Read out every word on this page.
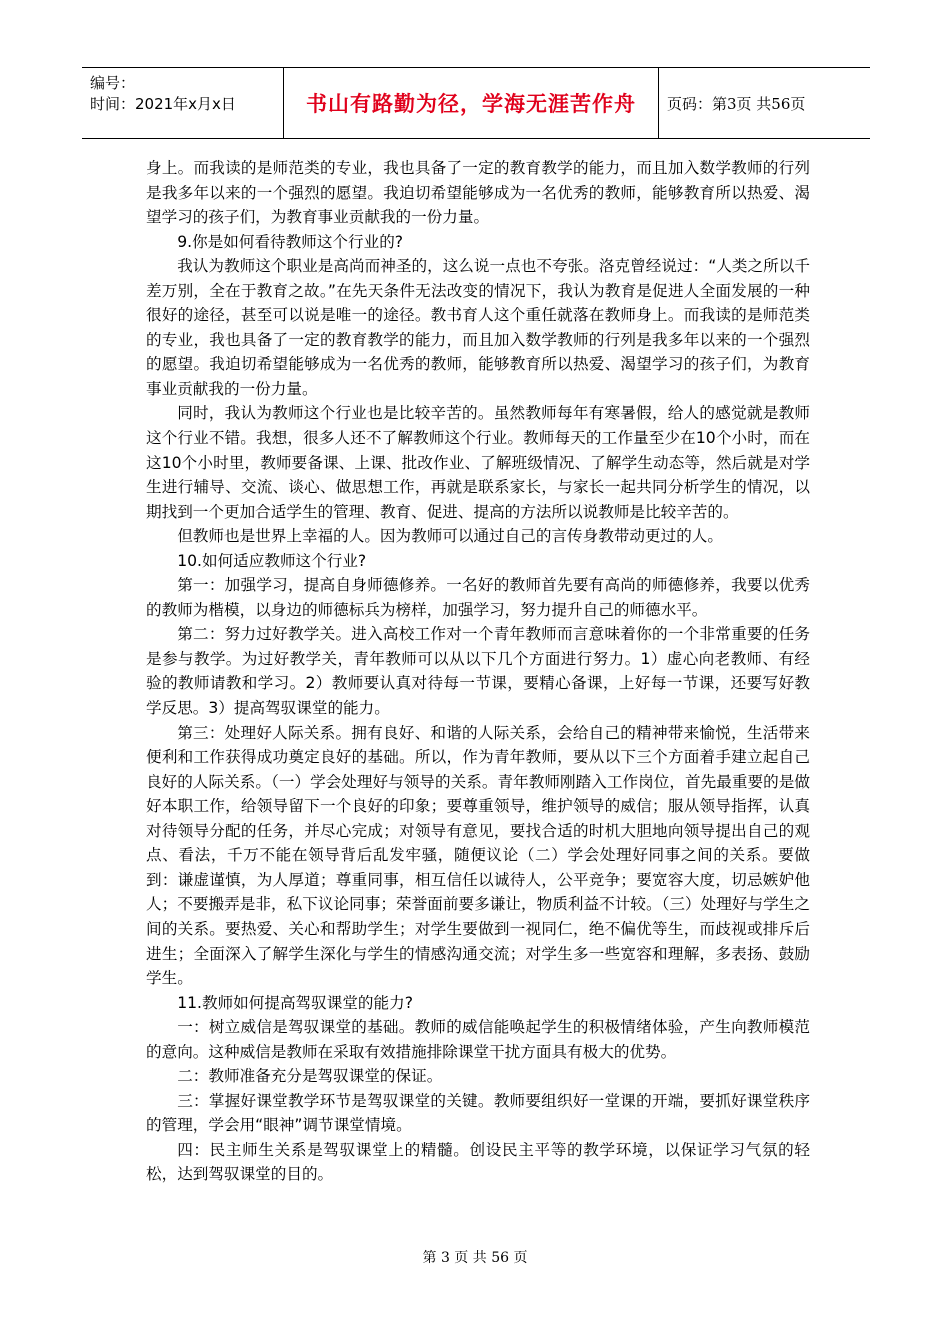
编号：
时间：2021年x月x日	书山有路勤为径，学海无涯苦作舟	页码：第3页 共56页

身上。而我读的是师范类的专业，我也具备了一定的教育教学的能力，而且加入数学教师的行列是我多年以来的一个强烈的愿望。我迫切希望能够成为一名优秀的教师，能够教育所以热爱、渴望学习的孩子们，为教育事业贡献我的一份力量。

9.你是如何看待教师这个行业的?

我认为教师这个职业是高尚而神圣的，这么说一点也不夸张。洛克曾经说过：“人类之所以千差万别，全在于教育之故。”在先天条件无法改变的情况下，我认为教育是促进人全面发展的一种很好的途径，甚至可以说是唯一的途径。教书育人这个重任就落在教师身上。而我读的是师范类的专业，我也具备了一定的教育教学的能力，而且加入数学教师的行列是我多年以来的一个强烈的愿望。我迫切希望能够成为一名优秀的教师，能够教育所以热爱、渴望学习的孩子们，为教育事业贡献我的一份力量。

同时，我认为教师这个行业也是比较辛苦的。虽然教师每年有寒暑假，给人的感觉就是教师这个行业不错。我想，很多人还不了解教师这个行业。教师每天的工作量至少在10个小时，而在这10个小时里，教师要备课、上课、批改作业、了解班级情况、了解学生动态等，然后就是对学生进行辅导、交流、谈心、做思想工作，再就是联系家长，与家长一起共同分析学生的情况，以期找到一个更加合适学生的管理、教育、促进、提高的方法所以说教师是比较辛苦的。

但教师也是世界上幸福的人。因为教师可以通过自己的言传身教带动更过的人。

10.如何适应教师这个行业?

第一：加强学习，提高自身师德修养。一名好的教师首先要有高尚的师德修养，我要以优秀的教师为楷模，以身边的师德标兵为榜样，加强学习，努力提升自己的师德水平。

第二：努力过好教学关。进入高校工作对一个青年教师而言意味着你的一个非常重要的任务是参与教学。为过好教学关，青年教师可以从以下几个方面进行努力。1）虚心向老教师、有经验的教师请教和学习。2）教师要认真对待每一节课，要精心备课，上好每一节课，还要写好教学反思。3）提高驾驭课堂的能力。

第三：处理好人际关系。拥有良好、和谐的人际关系，会给自己的精神带来愉悦，生活带来便利和工作获得成功奠定良好的基础。所以，作为青年教师，要从以下三个方面着手建立起自己良好的人际关系。（一）学会处理好与领导的关系。青年教师刚踏入工作岗位，首先最重要的是做好本职工作，给领导留下一个良好的印象；要尊重领导，维护领导的威信；服从领导指挥，认真对待领导分配的任务，并尽心完成；对领导有意见，要找合适的时机大胆地向领导提出自己的观点、看法，千万不能在领导背后乱发牢骚，随便议论（二）学会处理好同事之间的关系。要做到：谦虚谨慎，为人厚道；尊重同事，相互信任以诚待人，公平竞争；要宽容大度，切忌嫉妒他人；不要搬弄是非，私下议论同事；荣誉面前要多谦让，物质利益不计较。（三）处理好与学生之间的关系。要热爱、关心和帮助学生；对学生要做到一视同仁，绝不偏优等生，而歧视或排斥后进生；全面深入了解学生深化与学生的情感沟通交流；对学生多一些宽容和理解，多表扬、鼓励学生。

11.教师如何提高驾驭课堂的能力?

一：树立威信是驾驭课堂的基础。教师的威信能唤起学生的积极情绪体验，产生向教师模范的意向。这种威信是教师在采取有效措施排除课堂干扰方面具有极大的优势。

二：教师准备充分是驾驭课堂的保证。

三：掌握好课堂教学环节是驾驭课堂的关键。教师要组织好一堂课的开端，要抓好课堂秩序的管理，学会用“眼神”调节课堂情境。

四：民主师生关系是驾驭课堂上的精髓。创设民主平等的教学环境，以保证学习气氛的轻松，达到驾驭课堂的目的。

第 3 页 共 56 页
